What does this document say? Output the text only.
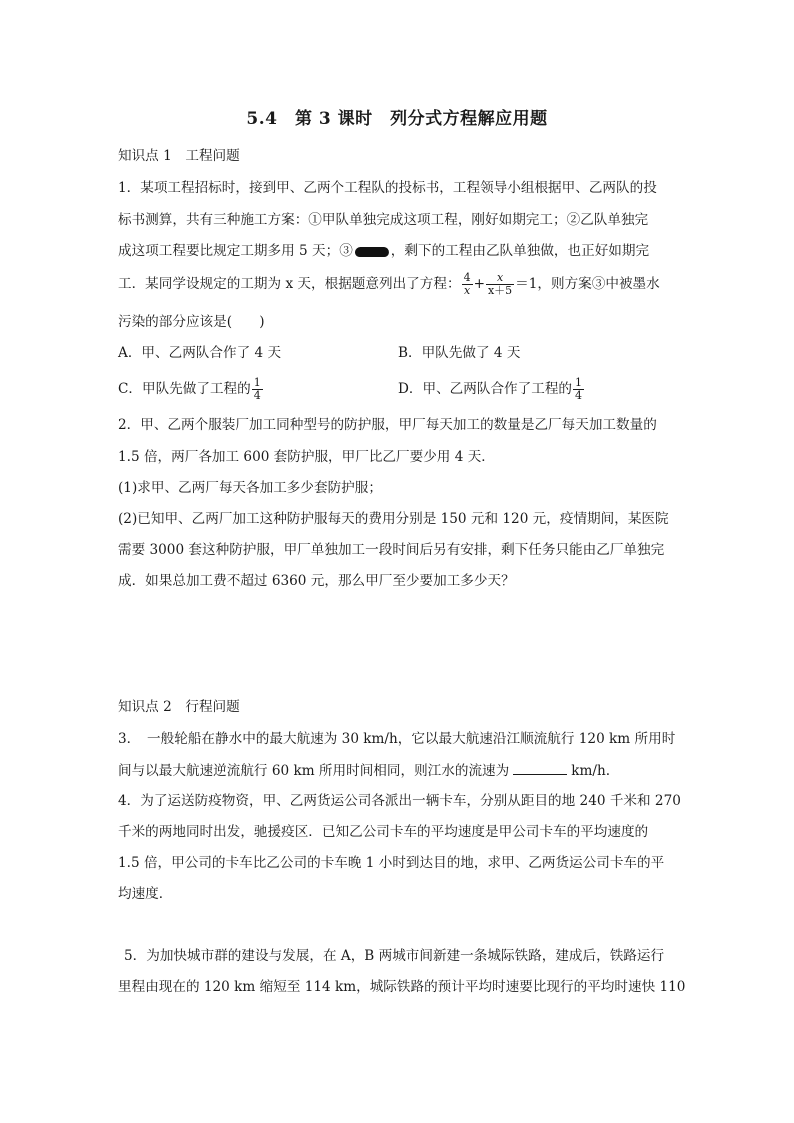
5.4　第 3 课时　列分式方程解应用题
知识点 1　工程问题
1．某项工程招标时，接到甲、乙两个工程队的投标书，工程领导小组根据甲、乙两队的投
标书测算，共有三种施工方案：①甲队单独完成这项工程，刚好如期完工；②乙队单独完
成这项工程要比规定工期多用 5 天；③	，剩下的工程由乙队单独做，也正好如期完
工．某同学设规定的工期为 x 天，根据题意列出了方程： $\frac{4}{x} + \frac{x}{x+5} =1$，则方案③中被墨水
污染的部分应该是(　　)
A．甲、乙两队合作了 4 天	B．甲队先做了 4 天
C．甲队先做了工程的 $\frac{1}{4}$	D．甲、乙两队合作了工程的 $\frac{1}{4}$
2．甲、乙两个服装厂加工同种型号的防护服，甲厂每天加工的数量是乙厂每天加工数量的
1.5 倍，两厂各加工 600 套防护服，甲厂比乙厂要少用 4 天．
(1)求甲、乙两厂每天各加工多少套防护服；
(2)已知甲、乙两厂加工这种防护服每天的费用分别是 150 元和 120 元，疫情期间，某医院
需要 3000 套这种防护服，甲厂单独加工一段时间后另有安排，剩下任务只能由乙厂单独完
成．如果总加工费不超过 6360 元，那么甲厂至少要加工多少天？
知识点 2　行程问题
3．　一般轮船在静水中的最大航速为 30 km/h，它以最大航速沿江顺流航行 120 km 所用时
间与以最大航速逆流航行 60 km 所用时间相同，则江水的流速为	km/h.
4．为了运送防疫物资，甲、乙两货运公司各派出一辆卡车，分别从距目的地 240 千米和 270
千米的两地同时出发，驰援疫区．已知乙公司卡车的平均速度是甲公司卡车的平均速度的
1.5 倍，甲公司的卡车比乙公司的卡车晚 1 小时到达目的地，求甲、乙两货运公司卡车的平
均速度．
5．为加快城市群的建设与发展，在 A，B 两城市间新建一条城际铁路，建成后，铁路运行
里程由现在的 120 km 缩短至 114 km，城际铁路的预计平均时速要比现行的平均时速快 110
